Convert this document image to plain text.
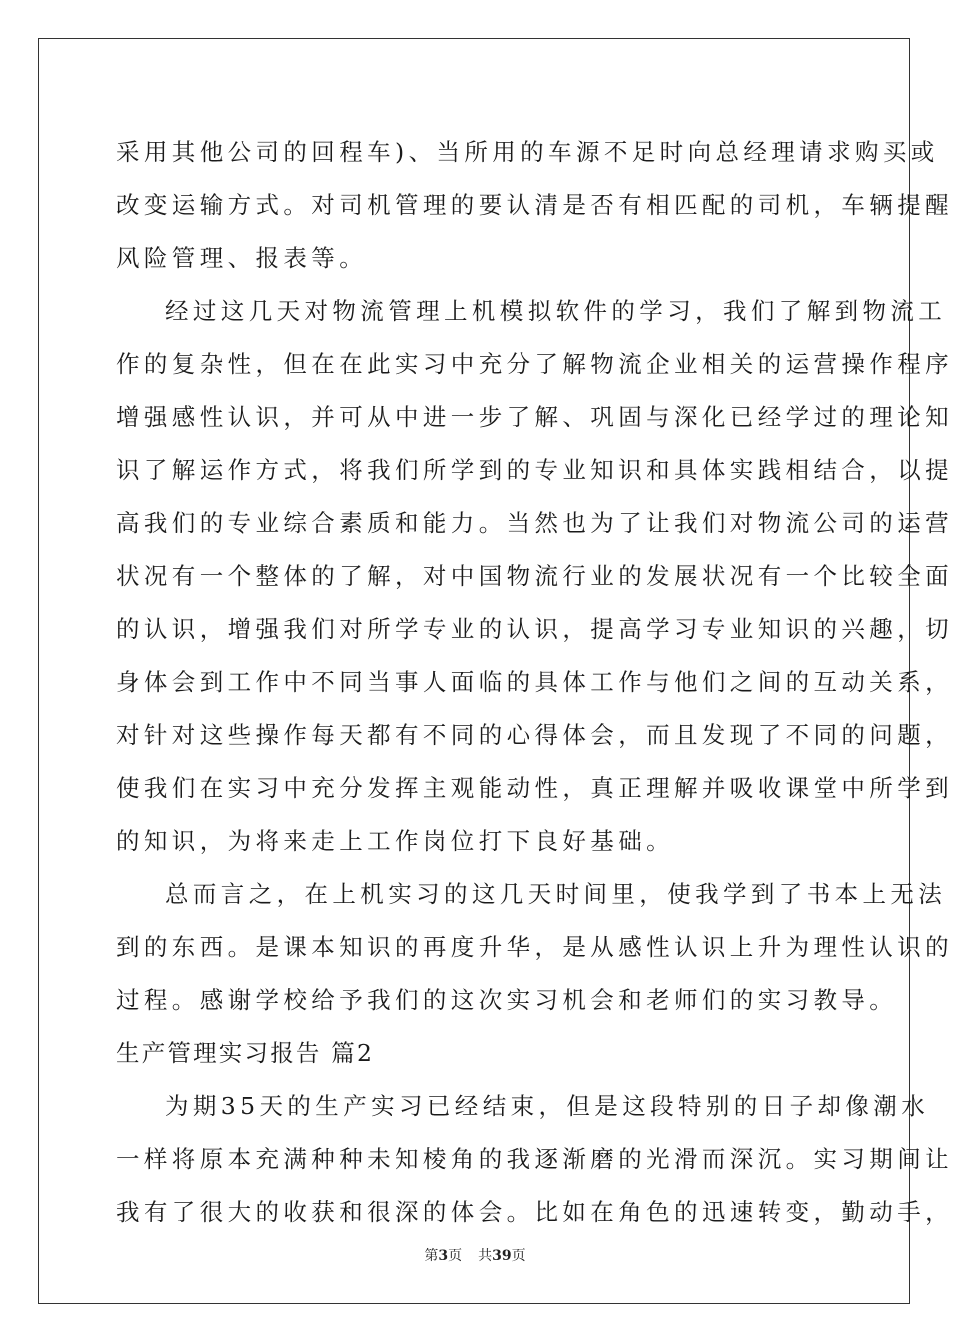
采用其他公司的回程车)、当所用的车源不足时向总经理请求购买或
改变运输方式。对司机管理的要认清是否有相匹配的司机，车辆提醒
风险管理、报表等。
经过这几天对物流管理上机模拟软件的学习，我们了解到物流工
作的复杂性，但在在此实习中充分了解物流企业相关的运营操作程序
增强感性认识，并可从中进一步了解、巩固与深化已经学过的理论知
识了解运作方式，将我们所学到的专业知识和具体实践相结合，以提
高我们的专业综合素质和能力。当然也为了让我们对物流公司的运营
状况有一个整体的了解，对中国物流行业的发展状况有一个比较全面
的认识，增强我们对所学专业的认识，提高学习专业知识的兴趣，切
身体会到工作中不同当事人面临的具体工作与他们之间的互动关系，
对针对这些操作每天都有不同的心得体会，而且发现了不同的问题，
使我们在实习中充分发挥主观能动性，真正理解并吸收课堂中所学到
的知识，为将来走上工作岗位打下良好基础。
总而言之，在上机实习的这几天时间里，使我学到了书本上无法
到的东西。是课本知识的再度升华，是从感性认识上升为理性认识的
过程。感谢学校给予我们的这次实习机会和老师们的实习教导。
生产管理实习报告 篇2
为期35天的生产实习已经结束，但是这段特别的日子却像潮水
一样将原本充满种种未知棱角的我逐渐磨的光滑而深沉。实习期间让
我有了很大的收获和很深的体会。比如在角色的迅速转变，勤动手，
第3页 共39页
